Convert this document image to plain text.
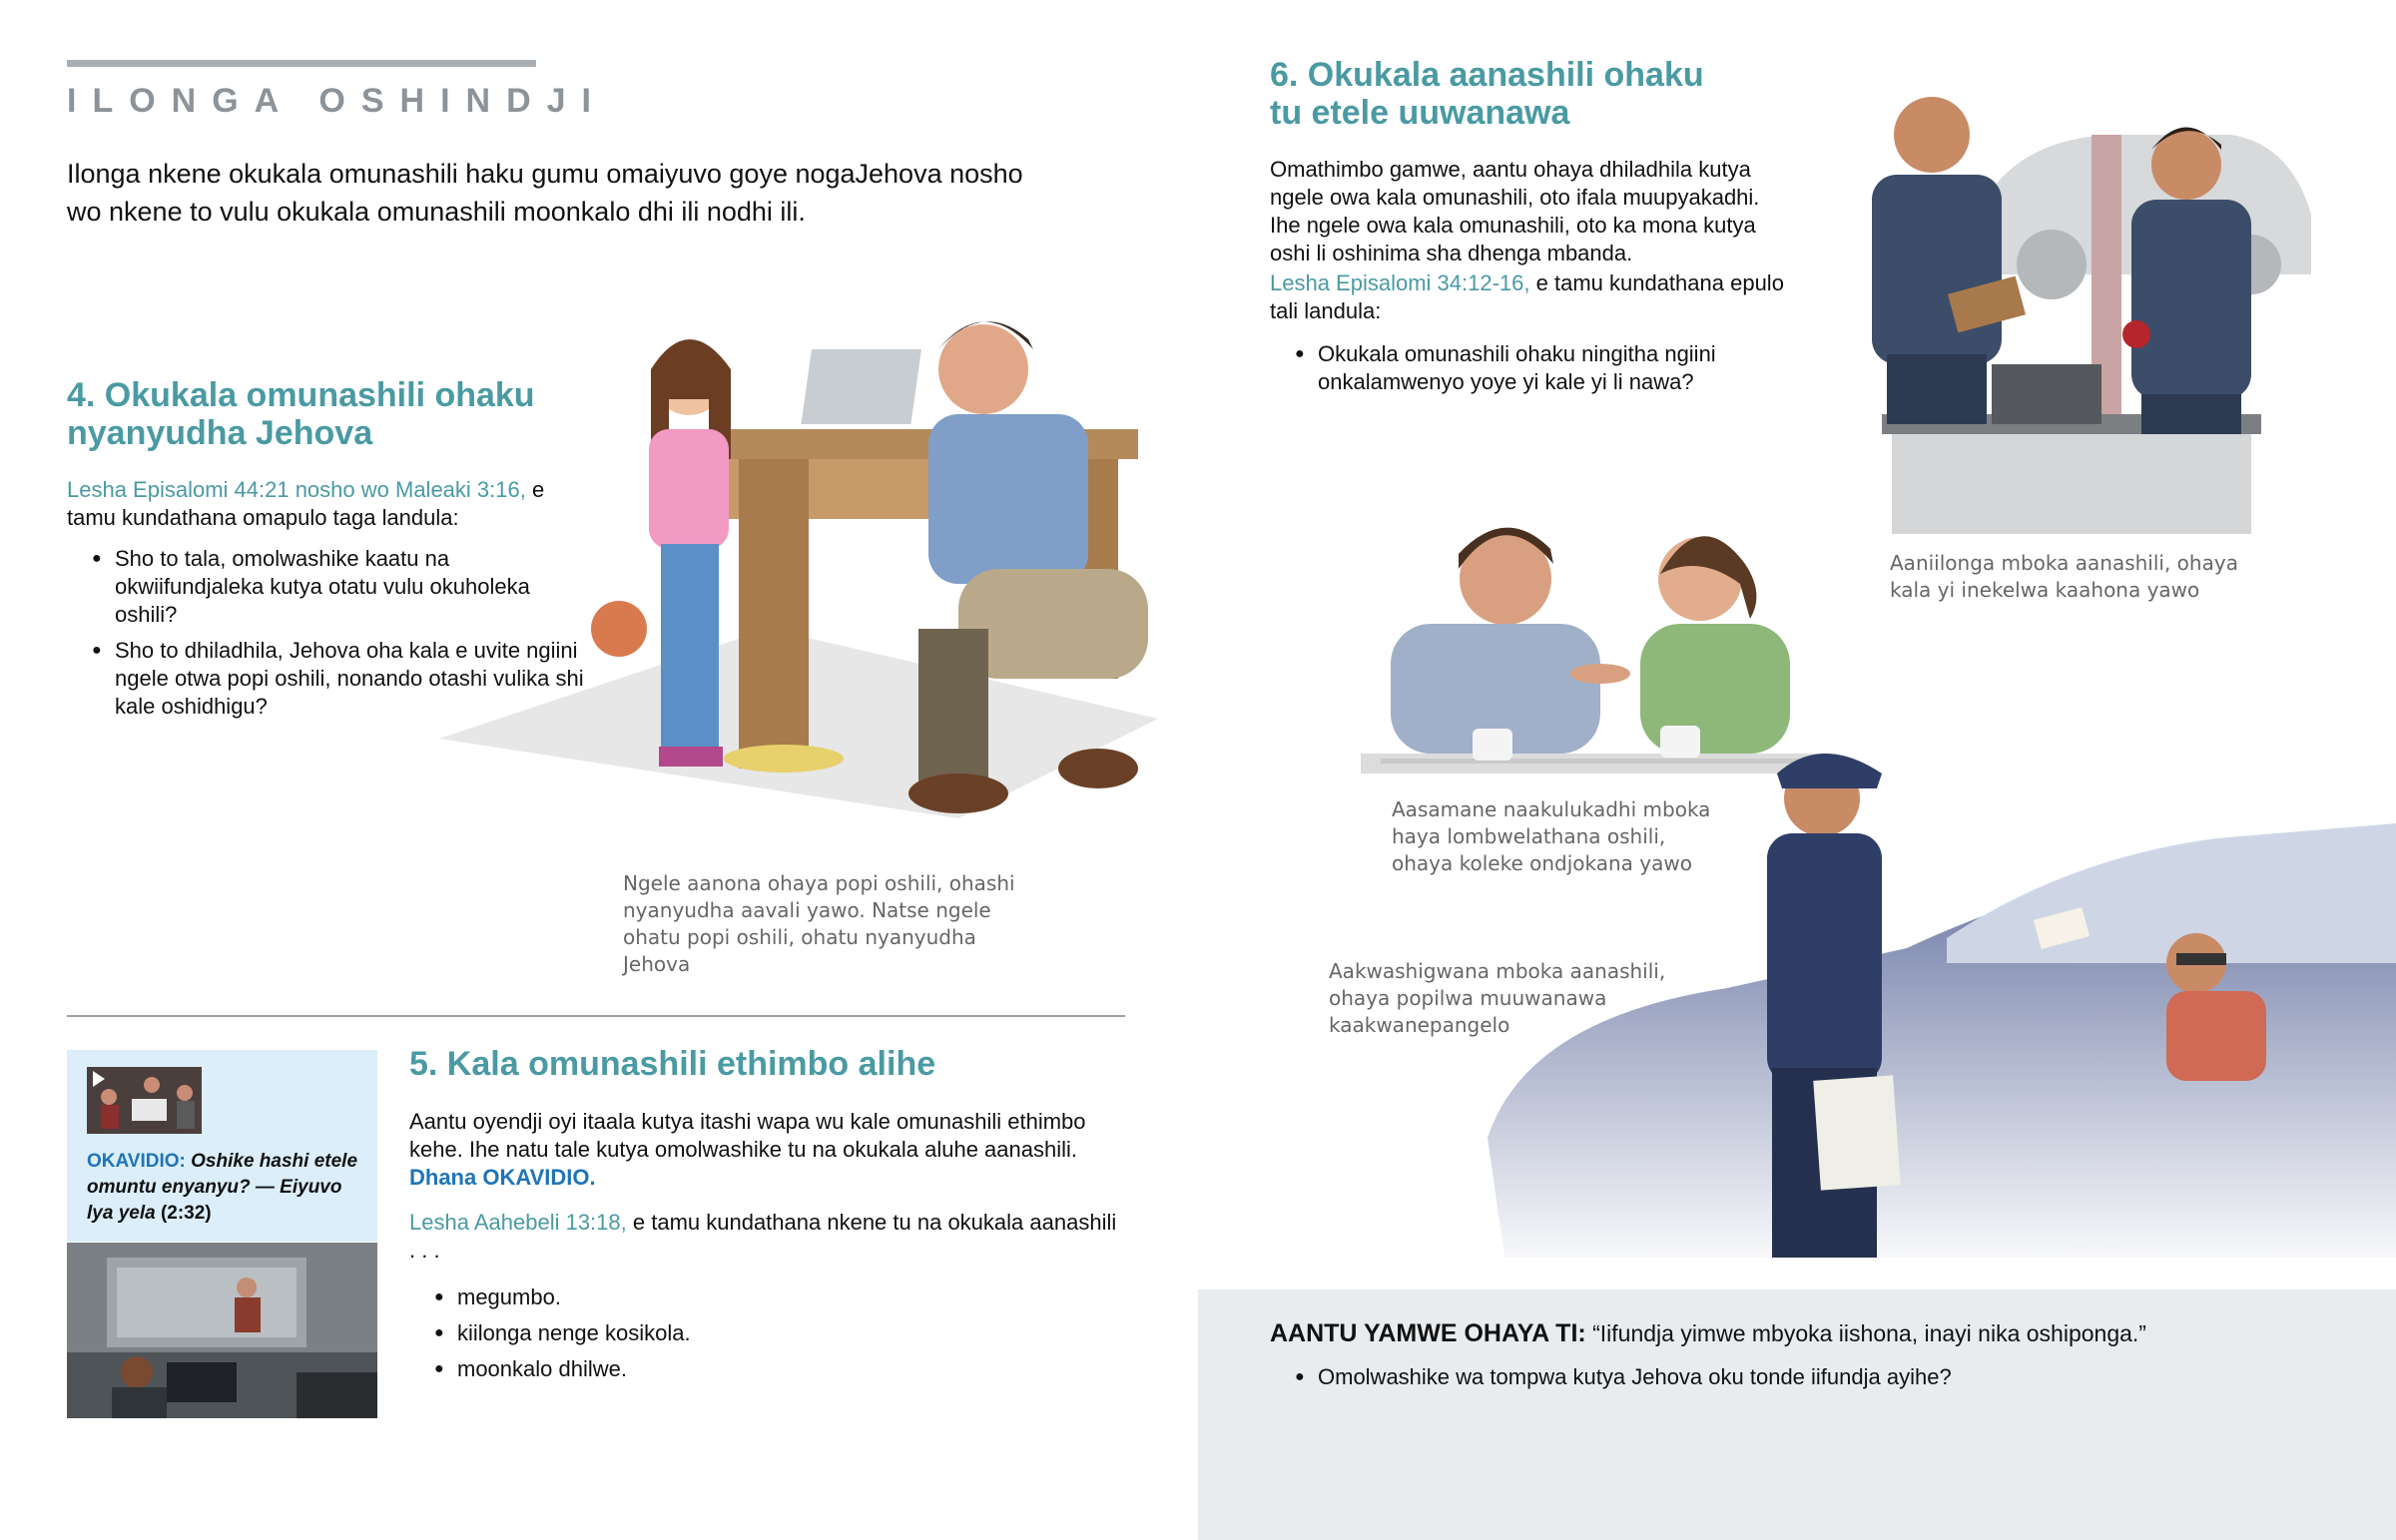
ILONGA OSHINDJI
Ilonga nkene okukala omunashili haku gumu omaiyuvo goye nogaJehova nosho wo nkene to vulu okukala omunashili moonkalo dhi ili nodhi ili.
4. Okukala omunashili ohaku
nyanyudha Jehova
Lesha Episalomi 44:21 nosho wo Maleaki 3:16, e tamu kundathana omapulo taga landula:
● Sho to tala, omolwashike kaatu na okwiifundjaleka kutya otatu vulu okuholeka oshili?
● Sho to dhiladhila, Jehova oha kala e uvite ngiini ngele otwa popi oshili, nonando otashi vulika shi kale oshidhigu?
Ngele aanona ohaya popi oshili, ohashi nyanyudha aavali yawo. Natse ngele ohatu popi oshili, ohatu nyanyudha Jehova
OKAVIDIO: Oshike hashi etele omuntu enyanyu? — Eiyuvo lya yela (2:32)
5. Kala omunashili ethimbo alihe
Aantu oyendji oyi itaala kutya itashi wapa wu kale omunashili ethimbo kehe. Ihe natu tale kutya omolwashike tu na okukala aluhe aanashili. Dhana OKAVIDIO.
Lesha Aahebeli 13:18, e tamu kundathana nkene tu na okukala aanashili . . .
● megumbo.
● kiilonga nenge kosikola.
● moonkalo dhilwe.
6. Okukala aanashili ohaku
tu etele uuwanawa
Omathimbo gamwe, aantu ohaya dhiladhila kutya ngele owa kala omunashili, oto ifala muupyakadhi. Ihe ngele owa kala omunashili, oto ka mona kutya oshi li oshinima sha dhenga mbanda.
Lesha Episalomi 34:12-16, e tamu kundathana epulo tali landula:
● Okukala omunashili ohaku ningitha ngiini onkalamwenyo yoye yi kale yi li nawa?
Aaniilonga mboka aanashili, ohaya kala yi inekelwa kaahona yawo
Aasamane naakulukadhi mboka haya lombwelathana oshili, ohaya koleke ondjokana yawo
Aakwashigwana mboka aanashili, ohaya popilwa muuwanawa kaakwanepangelo
AANTU YAMWE OHAYA TI: “Iifundja yimwe mbyoka iishona, inayi nika oshiponga.”
● Omolwashike wa tompwa kutya Jehova oku tonde iifundja ayihe?
